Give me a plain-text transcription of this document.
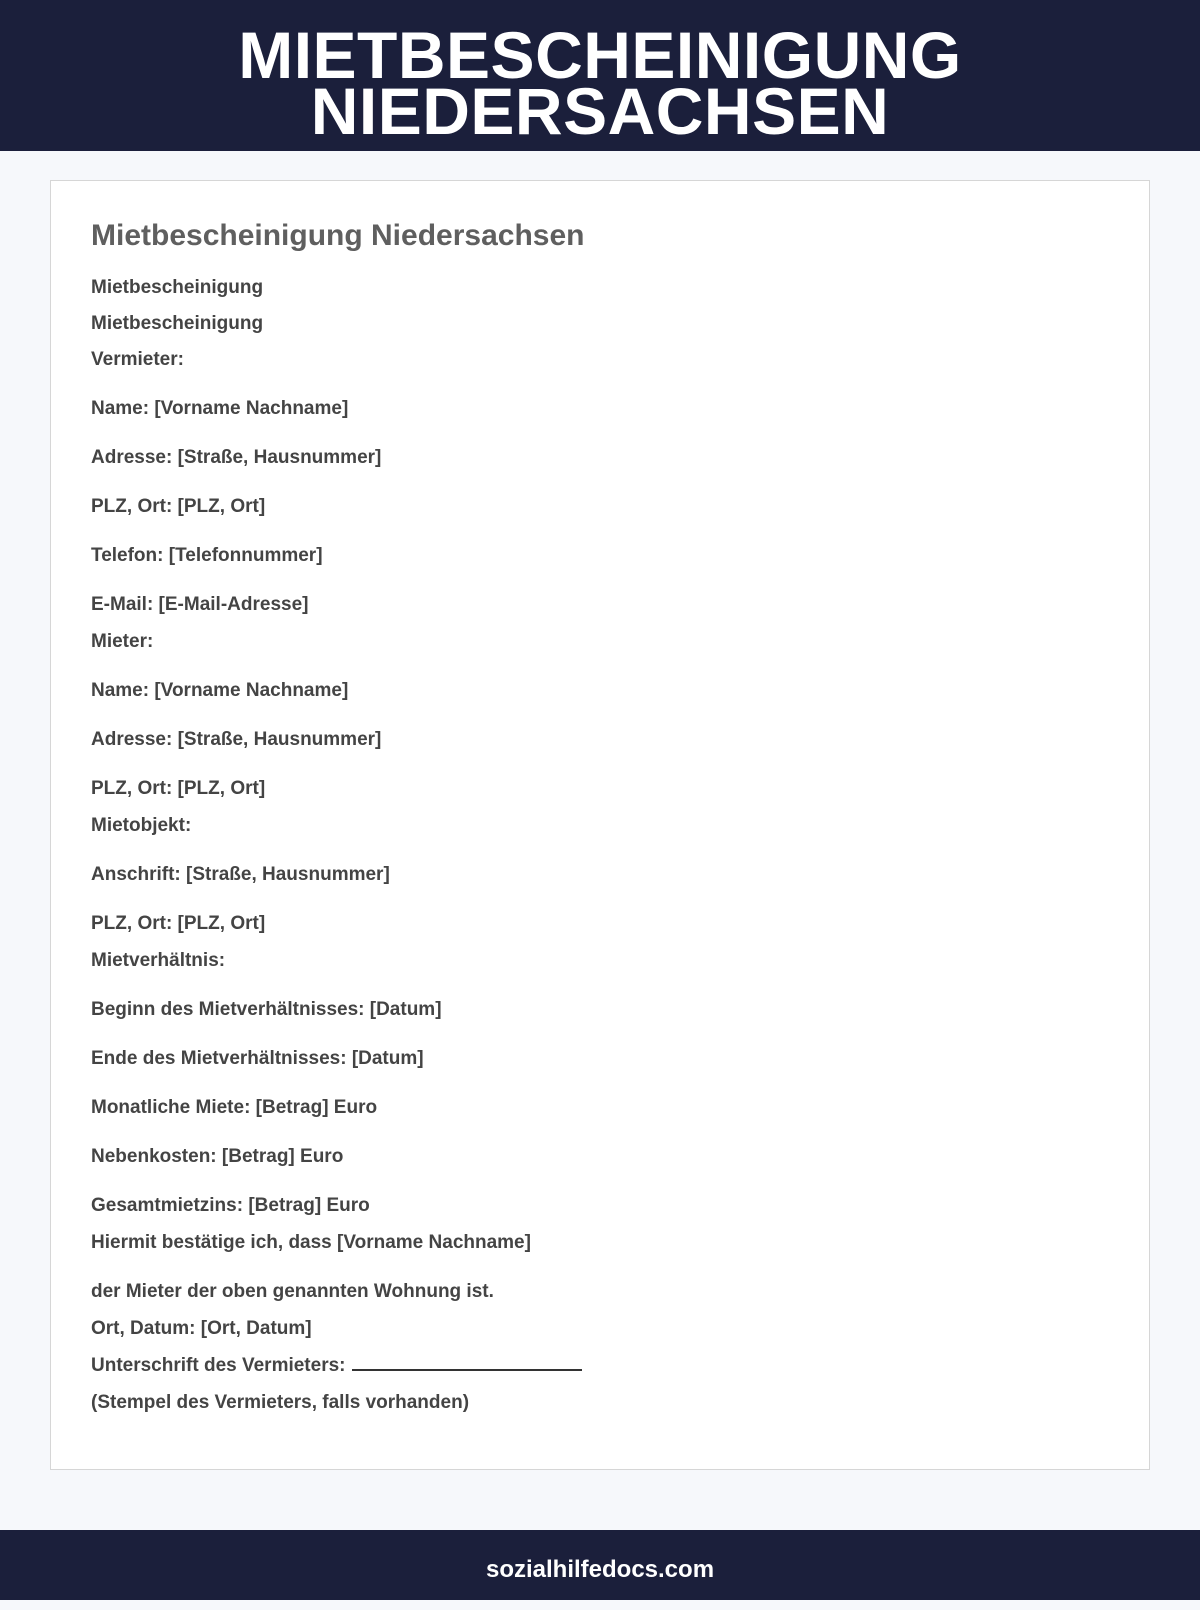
MIETBESCHEINIGUNG
NIEDERSACHSEN
Mietbescheinigung Niedersachsen

Mietbescheinigung

Mietbescheinigung

Vermieter:

Name: [Vorname Nachname]

Adresse: [Straße, Hausnummer]

PLZ, Ort: [PLZ, Ort]

Telefon: [Telefonnummer]

E-Mail: [E-Mail-Adresse]

Mieter:

Name: [Vorname Nachname]

Adresse: [Straße, Hausnummer]

PLZ, Ort: [PLZ, Ort]

Mietobjekt:

Anschrift: [Straße, Hausnummer]

PLZ, Ort: [PLZ, Ort]

Mietverhältnis:

Beginn des Mietverhältnisses: [Datum]

Ende des Mietverhältnisses: [Datum]

Monatliche Miete: [Betrag] Euro

Nebenkosten: [Betrag] Euro

Gesamtmietzins: [Betrag] Euro

Hiermit bestätige ich, dass [Vorname Nachname]

der Mieter der oben genannten Wohnung ist.

Ort, Datum: [Ort, Datum]

Unterschrift des Vermieters:

(Stempel des Vermieters, falls vorhanden)

sozialhilfedocs.com
